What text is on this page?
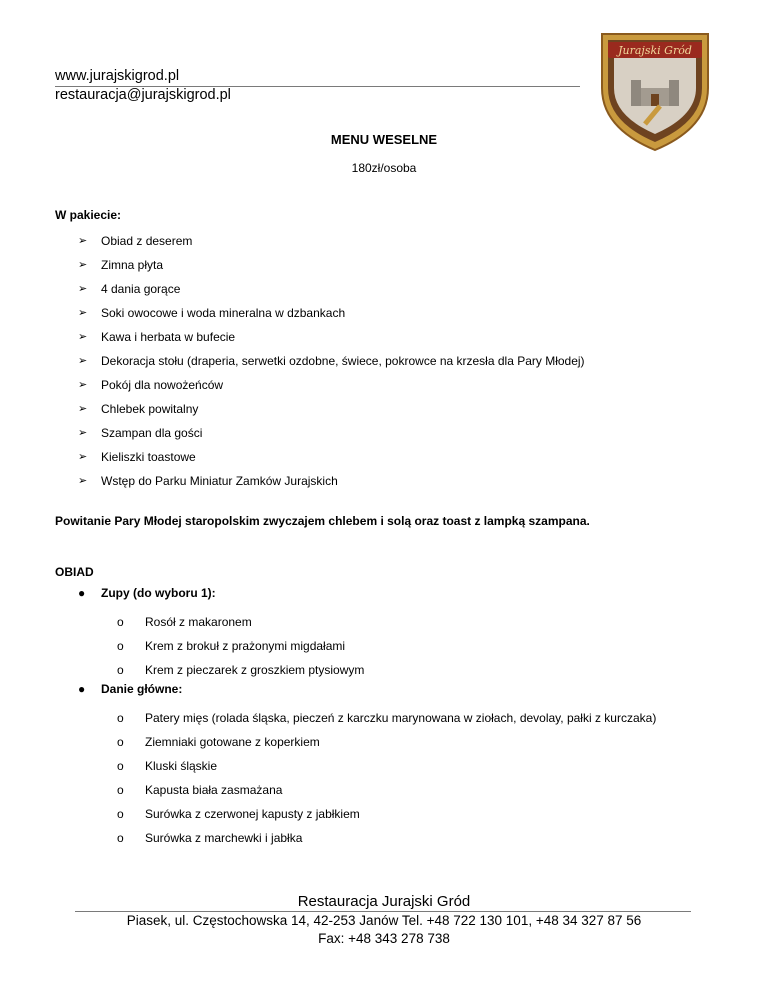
www.jurajskigrod.pl
restauracja@jurajskigrod.pl
Jurajski Gród
MENU WESELNE
180zł/osoba
W pakiecie:
➢	Obiad z deserem
➢	Zimna płyta
➢	4 dania gorące
➢	Soki owocowe i woda mineralna w dzbankach
➢	Kawa i herbata w bufecie
➢	Dekoracja stołu (draperia, serwetki ozdobne, świece, pokrowce na krzesła dla Pary Młodej)
➢	Pokój dla nowożeńców
➢	Chlebek powitalny
➢	Szampan dla gości
➢	Kieliszki toastowe
➢	Wstęp do Parku Miniatur Zamków Jurajskich
Powitanie Pary Młodej staropolskim zwyczajem chlebem i solą oraz toast z lampką szampana.
OBIAD
●	Zupy (do wyboru 1):
o	Rosół z makaronem
o	Krem z brokuł z prażonymi migdałami
o	Krem z pieczarek z groszkiem ptysiowym
●	Danie główne:
o	Patery mięs (rolada śląska, pieczeń z karczku marynowana w ziołach, devolay, pałki z kurczaka)
o	Ziemniaki gotowane z koperkiem
o	Kluski śląskie
o	Kapusta biała zasmażana
o	Surówka z czerwonej kapusty z jabłkiem
o	Surówka z marchewki i jabłka
Restauracja Jurajski Gród
Piasek, ul. Częstochowska 14, 42-253 Janów Tel. +48 722 130 101, +48 34 327 87 56
Fax: +48 343 278 738
